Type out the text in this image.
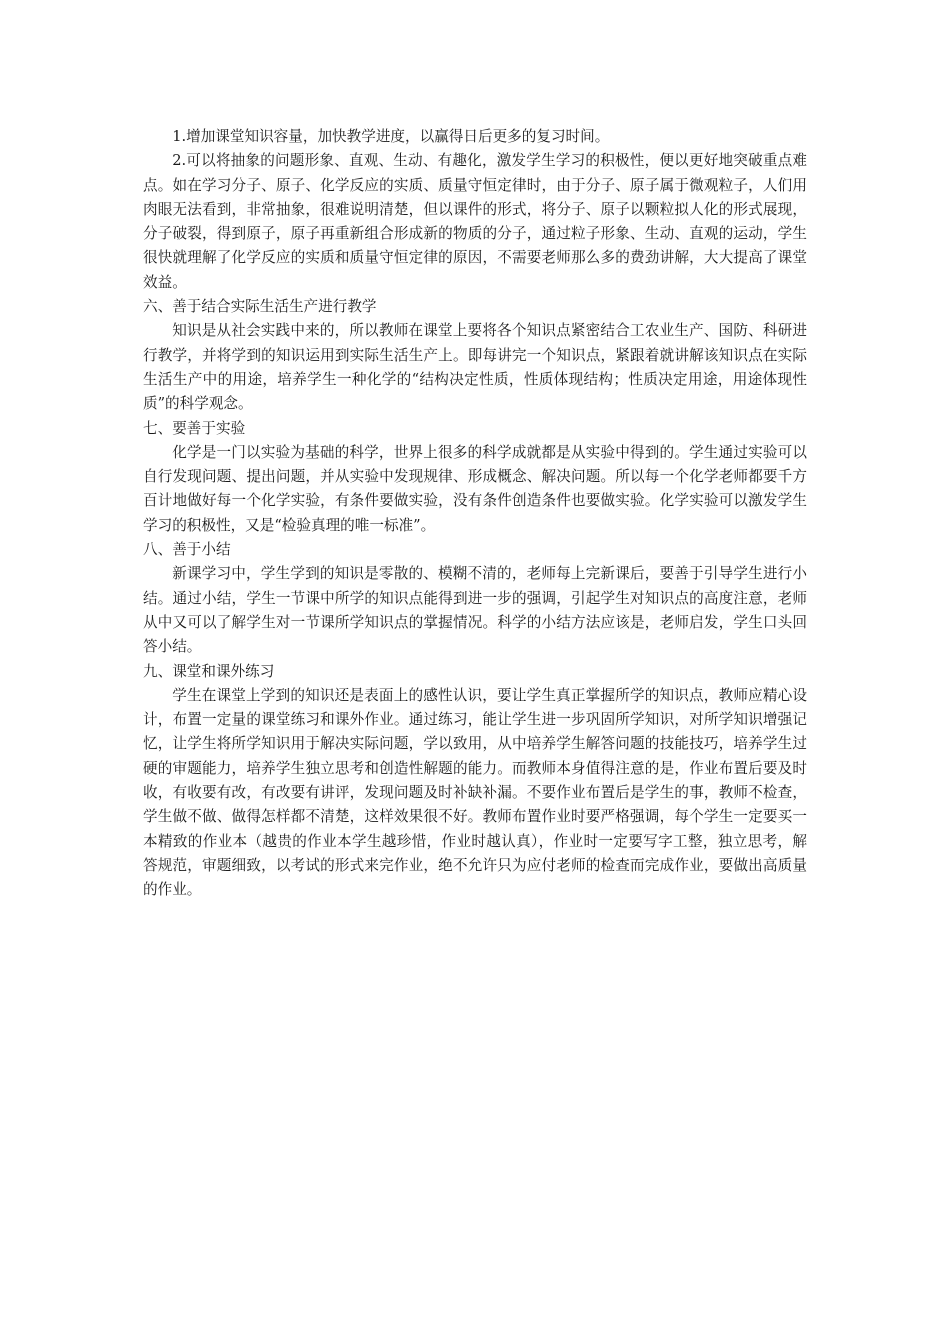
1.增加课堂知识容量，加快教学进度，以赢得日后更多的复习时间。

2.可以将抽象的问题形象、直观、生动、有趣化，激发学生学习的积极性，便以更好地突破重点难点。如在学习分子、原子、化学反应的实质、质量守恒定律时，由于分子、原子属于微观粒子，人们用肉眼无法看到，非常抽象，很难说明清楚，但以课件的形式，将分子、原子以颗粒拟人化的形式展现，分子破裂，得到原子，原子再重新组合形成新的物质的分子，通过粒子形象、生动、直观的运动，学生很快就理解了化学反应的实质和质量守恒定律的原因，不需要老师那么多的费劲讲解，大大提高了课堂效益。

六、善于结合实际生活生产进行教学

知识是从社会实践中来的，所以教师在课堂上要将各个知识点紧密结合工农业生产、国防、科研进行教学，并将学到的知识运用到实际生活生产上。即每讲完一个知识点，紧跟着就讲解该知识点在实际生活生产中的用途，培养学生一种化学的“结构决定性质，性质体现结构；性质决定用途，用途体现性质”的科学观念。

七、要善于实验

化学是一门以实验为基础的科学，世界上很多的科学成就都是从实验中得到的。学生通过实验可以自行发现问题、提出问题，并从实验中发现规律、形成概念、解决问题。所以每一个化学老师都要千方百计地做好每一个化学实验，有条件要做实验，没有条件创造条件也要做实验。化学实验可以激发学生学习的积极性，又是“检验真理的唯一标准”。

八、善于小结

新课学习中，学生学到的知识是零散的、模糊不清的，老师每上完新课后，要善于引导学生进行小结。通过小结，学生一节课中所学的知识点能得到进一步的强调，引起学生对知识点的高度注意，老师从中又可以了解学生对一节课所学知识点的掌握情况。科学的小结方法应该是，老师启发，学生口头回答小结。

九、课堂和课外练习

学生在课堂上学到的知识还是表面上的感性认识，要让学生真正掌握所学的知识点，教师应精心设计，布置一定量的课堂练习和课外作业。通过练习，能让学生进一步巩固所学知识，对所学知识增强记忆，让学生将所学知识用于解决实际问题，学以致用，从中培养学生解答问题的技能技巧，培养学生过硬的审题能力，培养学生独立思考和创造性解题的能力。而教师本身值得注意的是，作业布置后要及时收，有收要有改，有改要有讲评，发现问题及时补缺补漏。不要作业布置后是学生的事，教师不检查，学生做不做、做得怎样都不清楚，这样效果很不好。教师布置作业时要严格强调，每个学生一定要买一本精致的作业本（越贵的作业本学生越珍惜，作业时越认真），作业时一定要写字工整，独立思考，解答规范，审题细致，以考试的形式来完作业，绝不允许只为应付老师的检查而完成作业，要做出高质量的作业。
